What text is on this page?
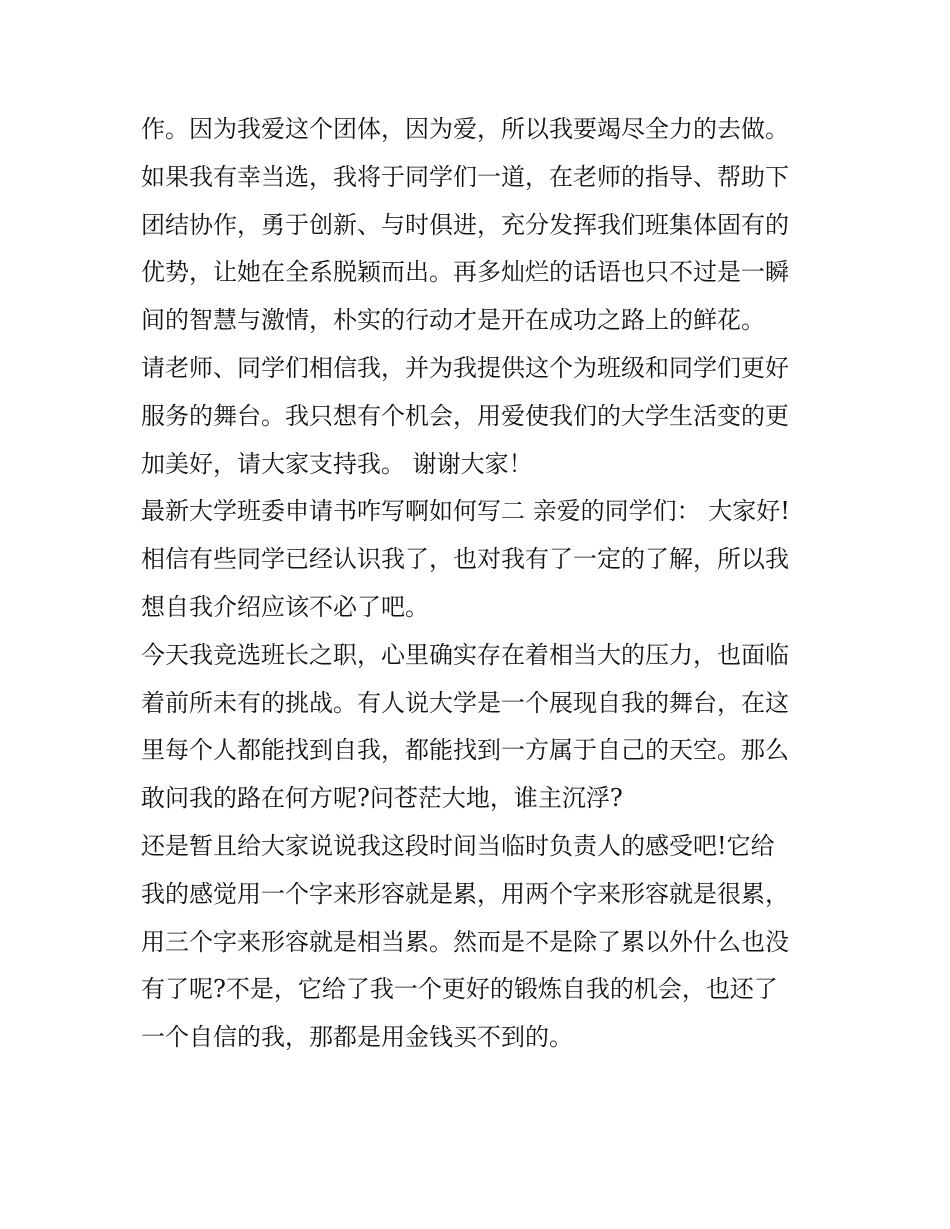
作。因为我爱这个团体，因为爱，所以我要竭尽全力的去做。
如果我有幸当选，我将于同学们一道，在老师的指导、帮助下
团结协作，勇于创新、与时俱进，充分发挥我们班集体固有的
优势，让她在全系脱颖而出。再多灿烂的话语也只不过是一瞬
间的智慧与激情，朴实的行动才是开在成功之路上的鲜花。
请老师、同学们相信我，并为我提供这个为班级和同学们更好
服务的舞台。我只想有个机会，用爱使我们的大学生活变的更
加美好，请大家支持我。 谢谢大家！
最新大学班委申请书咋写啊如何写二 亲爱的同学们： 大家好!
相信有些同学已经认识我了，也对我有了一定的了解，所以我
想自我介绍应该不必了吧。
今天我竞选班长之职，心里确实存在着相当大的压力，也面临
着前所未有的挑战。有人说大学是一个展现自我的舞台，在这
里每个人都能找到自我，都能找到一方属于自己的天空。那么
敢问我的路在何方呢?问苍茫大地，谁主沉浮?
还是暂且给大家说说我这段时间当临时负责人的感受吧!它给
我的感觉用一个字来形容就是累，用两个字来形容就是很累，
用三个字来形容就是相当累。然而是不是除了累以外什么也没
有了呢?不是，它给了我一个更好的锻炼自我的机会，也还了
一个自信的我，那都是用金钱买不到的。
